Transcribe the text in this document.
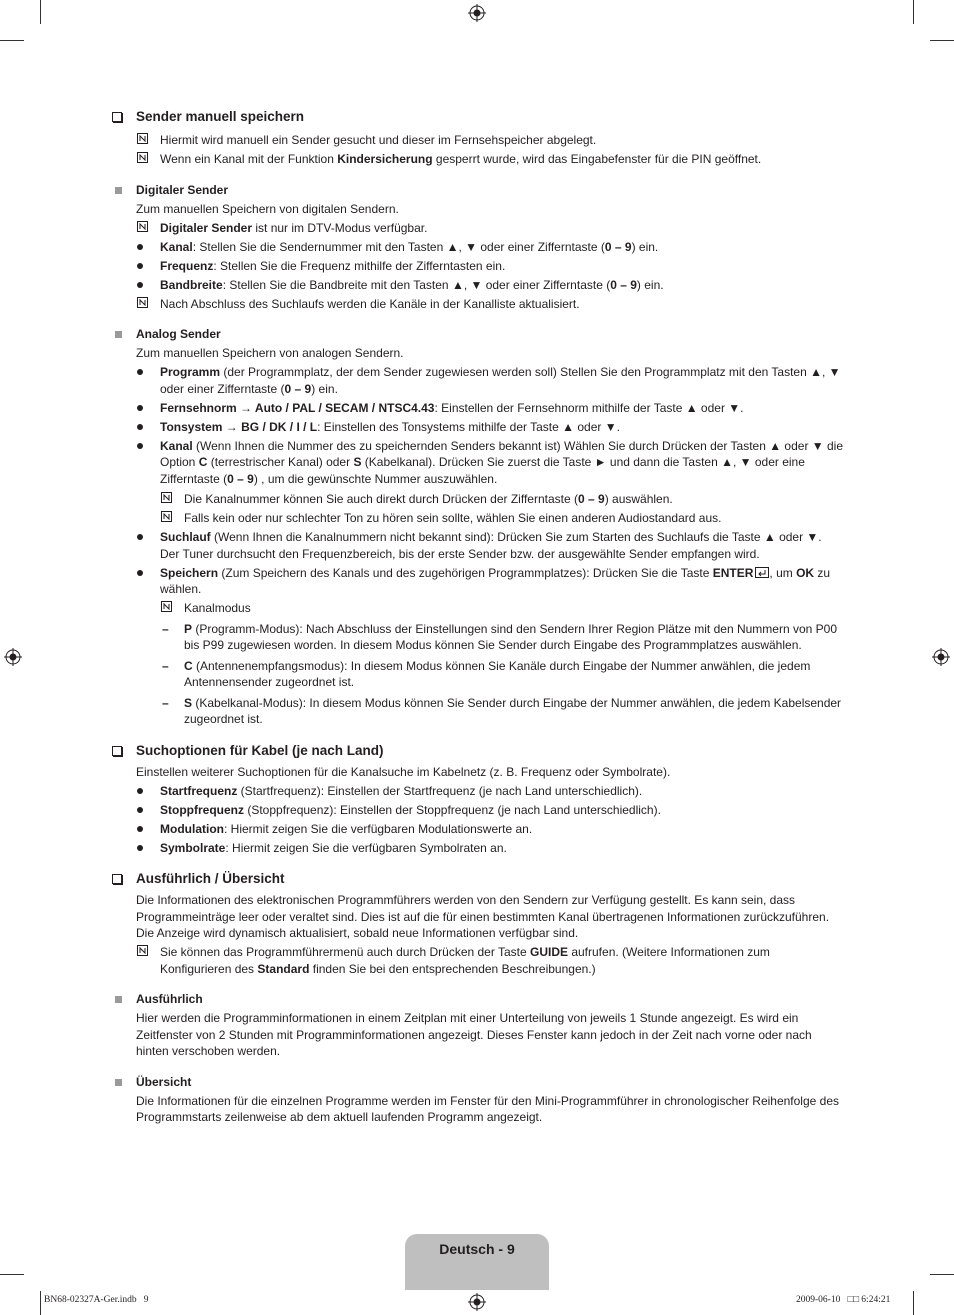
Sender manuell speichern

Hiermit wird manuell ein Sender gesucht und dieser im Fernsehspeicher abgelegt.

Wenn ein Kanal mit der Funktion Kindersicherung gesperrt wurde, wird das Eingabefenster für die PIN geöffnet.

Digitaler Sender

Zum manuellen Speichern von digitalen Sendern.

Digitaler Sender ist nur im DTV-Modus verfügbar.

Kanal: Stellen Sie die Sendernummer mit den Tasten ▲, ▼ oder einer Zifferntaste (0 – 9) ein.

Frequenz: Stellen Sie die Frequenz mithilfe der Zifferntasten ein.

Bandbreite: Stellen Sie die Bandbreite mit den Tasten ▲, ▼ oder einer Zifferntaste (0 – 9) ein.

Nach Abschluss des Suchlaufs werden die Kanäle in der Kanalliste aktualisiert.

Analog Sender

Zum manuellen Speichern von analogen Sendern.

Programm (der Programmplatz, der dem Sender zugewiesen werden soll) Stellen Sie den Programmplatz mit den Tasten ▲, ▼ oder einer Zifferntaste (0 – 9) ein.

Fernsehnorm → Auto / PAL / SECAM / NTSC4.43: Einstellen der Fernsehnorm mithilfe der Taste ▲ oder ▼.

Tonsystem → BG / DK / I / L: Einstellen des Tonsystems mithilfe der Taste ▲ oder ▼.

Kanal (Wenn Ihnen die Nummer des zu speichernden Senders bekannt ist) Wählen Sie durch Drücken der Tasten ▲ oder ▼ die Option C (terrestrischer Kanal) oder S (Kabelkanal). Drücken Sie zuerst die Taste ► und dann die Tasten ▲, ▼ oder eine Zifferntaste (0 – 9) , um die gewünschte Nummer auszuwählen.

Die Kanalnummer können Sie auch direkt durch Drücken der Zifferntaste (0 – 9) auswählen.

Falls kein oder nur schlechter Ton zu hören sein sollte, wählen Sie einen anderen Audiostandard aus.

Suchlauf (Wenn Ihnen die Kanalnummern nicht bekannt sind): Drücken Sie zum Starten des Suchlaufs die Taste ▲ oder ▼. Der Tuner durchsucht den Frequenzbereich, bis der erste Sender bzw. der ausgewählte Sender empfangen wird.

Speichern (Zum Speichern des Kanals und des zugehörigen Programmplatzes): Drücken Sie die Taste ENTER , um OK zu wählen.

Kanalmodus

– P (Programm-Modus): Nach Abschluss der Einstellungen sind den Sendern Ihrer Region Plätze mit den Nummern von P00 bis P99 zugewiesen worden. In diesem Modus können Sie Sender durch Eingabe des Programmplatzes auswählen.

– C (Antennenempfangsmodus): In diesem Modus können Sie Kanäle durch Eingabe der Nummer anwählen, die jedem Antennensender zugeordnet ist.

– S (Kabelkanal-Modus): In diesem Modus können Sie Sender durch Eingabe der Nummer anwählen, die jedem Kabelsender zugeordnet ist.

Suchoptionen für Kabel (je nach Land)

Einstellen weiterer Suchoptionen für die Kanalsuche im Kabelnetz (z. B. Frequenz oder Symbolrate).

Startfrequenz (Startfrequenz): Einstellen der Startfrequenz (je nach Land unterschiedlich).

Stoppfrequenz (Stoppfrequenz): Einstellen der Stoppfrequenz (je nach Land unterschiedlich).

Modulation: Hiermit zeigen Sie die verfügbaren Modulationswerte an.

Symbolrate: Hiermit zeigen Sie die verfügbaren Symbolraten an.

Ausführlich / Übersicht

Die Informationen des elektronischen Programmführers werden von den Sendern zur Verfügung gestellt. Es kann sein, dass Programmeinträge leer oder veraltet sind. Dies ist auf die für einen bestimmten Kanal übertragenen Informationen zurückzuführen. Die Anzeige wird dynamisch aktualisiert, sobald neue Informationen verfügbar sind.

Sie können das Programmführermenü auch durch Drücken der Taste GUIDE aufrufen. (Weitere Informationen zum Konfigurieren des Standard finden Sie bei den entsprechenden Beschreibungen.)

Ausführlich

Hier werden die Programminformationen in einem Zeitplan mit einer Unterteilung von jeweils 1 Stunde angezeigt. Es wird ein Zeitfenster von 2 Stunden mit Programminformationen angezeigt. Dieses Fenster kann jedoch in der Zeit nach vorne oder nach hinten verschoben werden.

Übersicht

Die Informationen für die einzelnen Programme werden im Fenster für den Mini-Programmführer in chronologischer Reihenfolge des Programmstarts zeilenweise ab dem aktuell laufenden Programm angezeigt.

Deutsch - 9
BN68-02327A-Ger.indb   9	2009-06-10   □□ 6:24:21
